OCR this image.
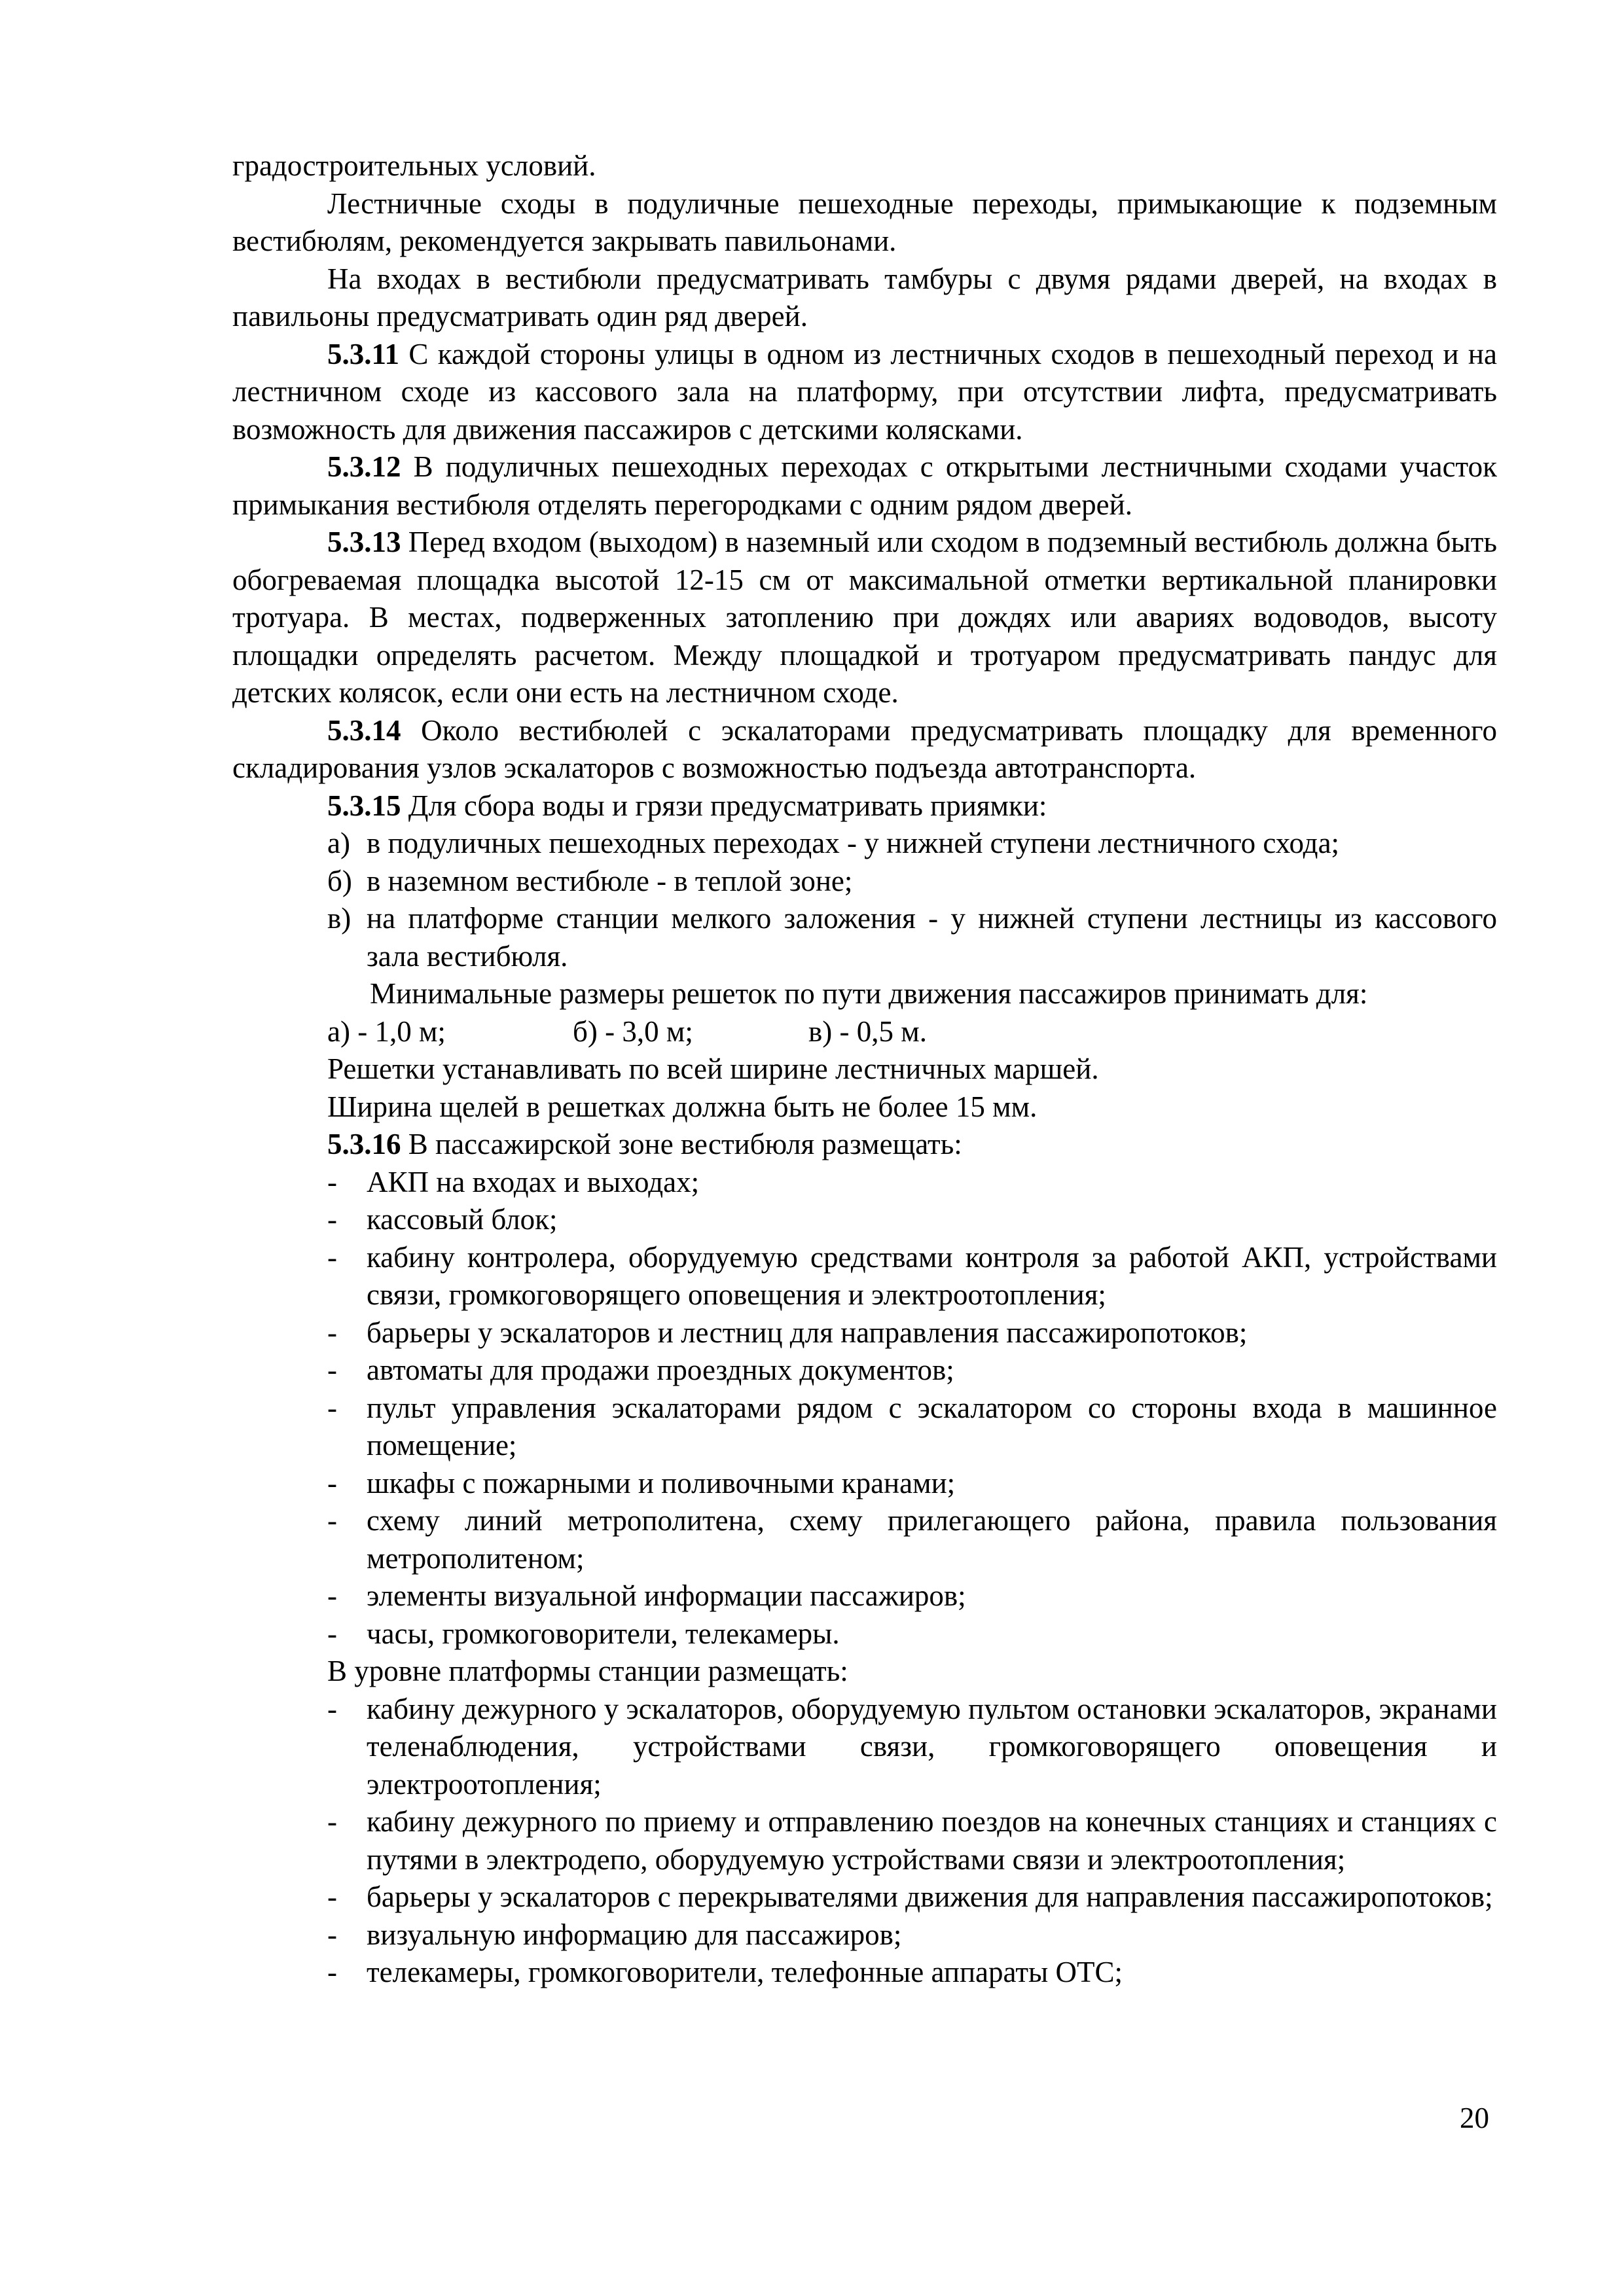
градостроительных условий.

Лестничные сходы в подуличные пешеходные переходы, примыкающие к подземным вестибюлям, рекомендуется закрывать павильонами.

На входах в вестибюли предусматривать тамбуры с двумя рядами дверей, на входах в павильоны предусматривать один ряд дверей.

5.3.11 С каждой стороны улицы в одном из лестничных сходов в пешеходный переход и на лестничном сходе из кассового зала на платформу, при отсутствии лифта, предусматривать возможность для движения пассажиров с детскими колясками.

5.3.12 В подуличных пешеходных переходах с открытыми лестничными сходами участок примыкания вестибюля отделять перегородками с одним рядом дверей.

5.3.13 Перед входом (выходом) в наземный или сходом в подземный вестибюль должна быть обогреваемая площадка высотой 12-15 см от максимальной отметки вертикальной планировки тротуара. В местах, подверженных затоплению при дождях или авариях водоводов, высоту площадки определять расчетом. Между площадкой и тротуаром предусматривать пандус для детских колясок, если они есть на лестничном сходе.

5.3.14 Около вестибюлей с эскалаторами предусматривать площадку для временного складирования узлов эскалаторов с возможностью подъезда автотранспорта.

5.3.15 Для сбора воды и грязи предусматривать приямки:

а) в подуличных пешеходных переходах - у нижней ступени лестничного схода;
б) в наземном вестибюле - в теплой зоне;
в) на платформе станции мелкого заложения - у нижней ступени лестницы из кассового зала вестибюля.

Минимальные размеры решеток по пути движения пассажиров принимать для:

а) - 1,0 м;	б) - 3,0 м;	в) - 0,5 м.

Решетки устанавливать по всей ширине лестничных маршей.

Ширина щелей в решетках должна быть не более 15 мм.

5.3.16 В пассажирской зоне вестибюля размещать:

-	АКП на входах и выходах;
-	кассовый блок;
-	кабину контролера, оборудуемую средствами контроля за работой АКП, устройствами связи, громкоговорящего оповещения и электроотопления;
-	барьеры у эскалаторов и лестниц для направления пассажиропотоков;
-	автоматы для продажи проездных документов;
-	пульт управления эскалаторами рядом с эскалатором со стороны входа в машинное помещение;
-	шкафы с пожарными и поливочными кранами;
-	схему линий метрополитена, схему прилегающего района, правила пользования метрополитеном;
-	элементы визуальной информации пассажиров;
-	часы, громкоговорители, телекамеры.

В уровне платформы станции размещать:

-	кабину дежурного у эскалаторов, оборудуемую пультом остановки эскалаторов, экранами теленаблюдения, устройствами связи, громкоговорящего оповещения и электроотопления;
-	кабину дежурного по приему и отправлению поездов на конечных станциях и станциях с путями в электродепо, оборудуемую устройствами связи и электроотопления;
-	барьеры у эскалаторов с перекрывателями движения для направления пассажиропотоков;
-	визуальную информацию для пассажиров;
-	телекамеры, громкоговорители, телефонные аппараты ОТС;
20
